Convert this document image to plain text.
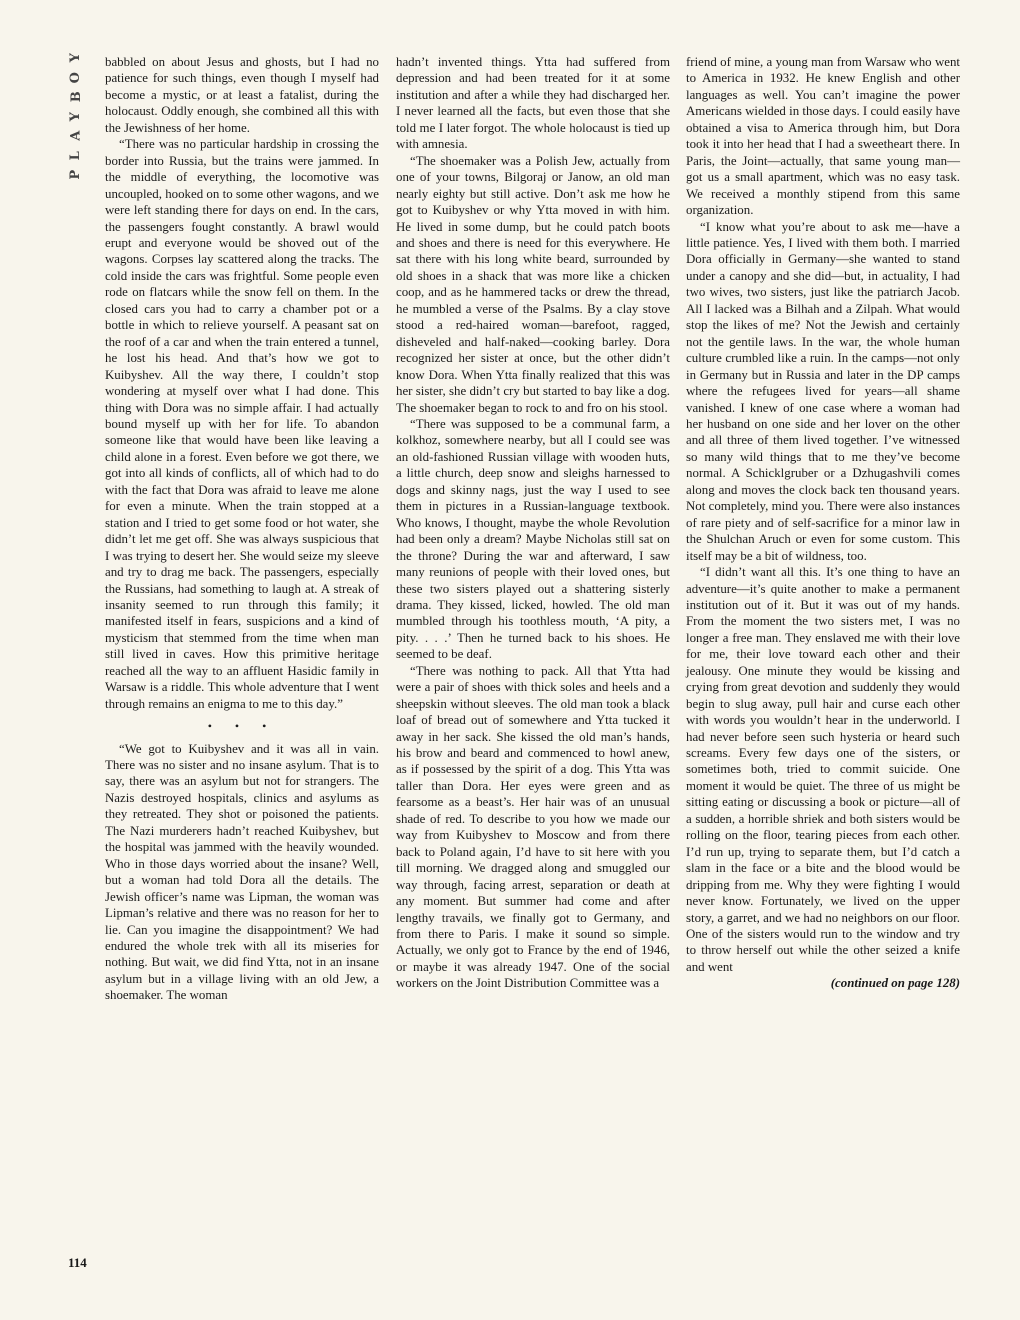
Y
O
B
Y
A
L
P

babbled on about Jesus and ghosts, but I had no patience for such things, even though I myself had become a mystic, or at least a fatalist, during the holocaust. Oddly enough, she combined all this with the Jewishness of her home.

“There was no particular hardship in crossing the border into Russia, but the trains were jammed. In the middle of everything, the locomotive was uncoupled, hooked on to some other wagons, and we were left standing there for days on end. In the cars, the passengers fought constantly. A brawl would erupt and everyone would be shoved out of the wagons. Corpses lay scattered along the tracks. The cold inside the cars was frightful. Some people even rode on flatcars while the snow fell on them. In the closed cars you had to carry a chamber pot or a bottle in which to relieve yourself. A peasant sat on the roof of a car and when the train entered a tunnel, he lost his head. And that’s how we got to Kuibyshev. All the way there, I couldn’t stop wondering at myself over what I had done. This thing with Dora was no simple affair. I had actually bound myself up with her for life. To abandon someone like that would have been like leaving a child alone in a forest. Even before we got there, we got into all kinds of conflicts, all of which had to do with the fact that Dora was afraid to leave me alone for even a minute. When the train stopped at a station and I tried to get some food or hot water, she didn’t let me get off. She was always suspicious that I was trying to desert her. She would seize my sleeve and try to drag me back. The passengers, especially the Russians, had something to laugh at. A streak of insanity seemed to run through this family; it manifested itself in fears, suspicions and a kind of mysticism that stemmed from the time when man still lived in caves. How this primitive heritage reached all the way to an affluent Hasidic family in Warsaw is a riddle. This whole adventure that I went through remains an enigma to me to this day.”

• • •

“We got to Kuibyshev and it was all in vain. There was no sister and no insane asylum. That is to say, there was an asylum but not for strangers. The Nazis destroyed hospitals, clinics and asylums as they retreated. They shot or poisoned the patients. The Nazi murderers hadn’t reached Kuibyshev, but the hospital was jammed with the heavily wounded. Who in those days worried about the insane? Well, but a woman had told Dora all the details. The Jewish officer’s name was Lipman, the woman was Lipman’s relative and there was no reason for her to lie. Can you imagine the disappointment? We had endured the whole trek with all its miseries for nothing. But wait, we did find Ytta, not in an insane asylum but in a village living with an old Jew, a shoemaker. The woman

hadn’t invented things. Ytta had suffered from depression and had been treated for it at some institution and after a while they had discharged her. I never learned all the facts, but even those that she told me I later forgot. The whole holocaust is tied up with amnesia.

“The shoemaker was a Polish Jew, actually from one of your towns, Bilgoraj or Janow, an old man nearly eighty but still active. Don’t ask me how he got to Kuibyshev or why Ytta moved in with him. He lived in some dump, but he could patch boots and shoes and there is need for this everywhere. He sat there with his long white beard, surrounded by old shoes in a shack that was more like a chicken coop, and as he hammered tacks or drew the thread, he mumbled a verse of the Psalms. By a clay stove stood a red-haired woman—barefoot, ragged, disheveled and half-naked—cooking barley. Dora recognized her sister at once, but the other didn’t know Dora. When Ytta finally realized that this was her sister, she didn’t cry but started to bay like a dog. The shoemaker began to rock to and fro on his stool.

“There was supposed to be a communal farm, a kolkhoz, somewhere nearby, but all I could see was an old-fashioned Russian village with wooden huts, a little church, deep snow and sleighs harnessed to dogs and skinny nags, just the way I used to see them in pictures in a Russian-language textbook. Who knows, I thought, maybe the whole Revolution had been only a dream? Maybe Nicholas still sat on the throne? During the war and afterward, I saw many reunions of people with their loved ones, but these two sisters played out a shattering sisterly drama. They kissed, licked, howled. The old man mumbled through his toothless mouth, ‘A pity, a pity. . . .’ Then he turned back to his shoes. He seemed to be deaf.

“There was nothing to pack. All that Ytta had were a pair of shoes with thick soles and heels and a sheepskin without sleeves. The old man took a black loaf of bread out of somewhere and Ytta tucked it away in her sack. She kissed the old man’s hands, his brow and beard and commenced to howl anew, as if possessed by the spirit of a dog. This Ytta was taller than Dora. Her eyes were green and as fearsome as a beast’s. Her hair was of an unusual shade of red. To describe to you how we made our way from Kuibyshev to Moscow and from there back to Poland again, I’d have to sit here with you till morning. We dragged along and smuggled our way through, facing arrest, separation or death at any moment. But summer had come and after lengthy travails, we finally got to Germany, and from there to Paris. I make it sound so simple. Actually, we only got to France by the end of 1946, or maybe it was already 1947. One of the social workers on the Joint Distribution Committee was a

friend of mine, a young man from Warsaw who went to America in 1932. He knew English and other languages as well. You can’t imagine the power Americans wielded in those days. I could easily have obtained a visa to America through him, but Dora took it into her head that I had a sweetheart there. In Paris, the Joint—actually, that same young man—got us a small apartment, which was no easy task. We received a monthly stipend from this same organization.

“I know what you’re about to ask me—have a little patience. Yes, I lived with them both. I married Dora officially in Germany—she wanted to stand under a canopy and she did—but, in actuality, I had two wives, two sisters, just like the patriarch Jacob. All I lacked was a Bilhah and a Zilpah. What would stop the likes of me? Not the Jewish and certainly not the gentile laws. In the war, the whole human culture crumbled like a ruin. In the camps—not only in Germany but in Russia and later in the DP camps where the refugees lived for years—all shame vanished. I knew of one case where a woman had her husband on one side and her lover on the other and all three of them lived together. I’ve witnessed so many wild things that to me they’ve become normal. A Schicklgruber or a Dzhugashvili comes along and moves the clock back ten thousand years. Not completely, mind you. There were also instances of rare piety and of self-sacrifice for a minor law in the Shulchan Aruch or even for some custom. This itself may be a bit of wildness, too.

“I didn’t want all this. It’s one thing to have an adventure—it’s quite another to make a permanent institution out of it. But it was out of my hands. From the moment the two sisters met, I was no longer a free man. They enslaved me with their love for me, their love toward each other and their jealousy. One minute they would be kissing and crying from great devotion and suddenly they would begin to slug away, pull hair and curse each other with words you wouldn’t hear in the underworld. I had never before seen such hysteria or heard such screams. Every few days one of the sisters, or sometimes both, tried to commit suicide. One moment it would be quiet. The three of us might be sitting eating or discussing a book or picture—all of a sudden, a horrible shriek and both sisters would be rolling on the floor, tearing pieces from each other. I’d run up, trying to separate them, but I’d catch a slam in the face or a bite and the blood would be dripping from me. Why they were fighting I would never know. Fortunately, we lived on the upper story, a garret, and we had no neighbors on our floor. One of the sisters would run to the window and try to throw herself out while the other seized a knife and went

(continued on page 128)
114
